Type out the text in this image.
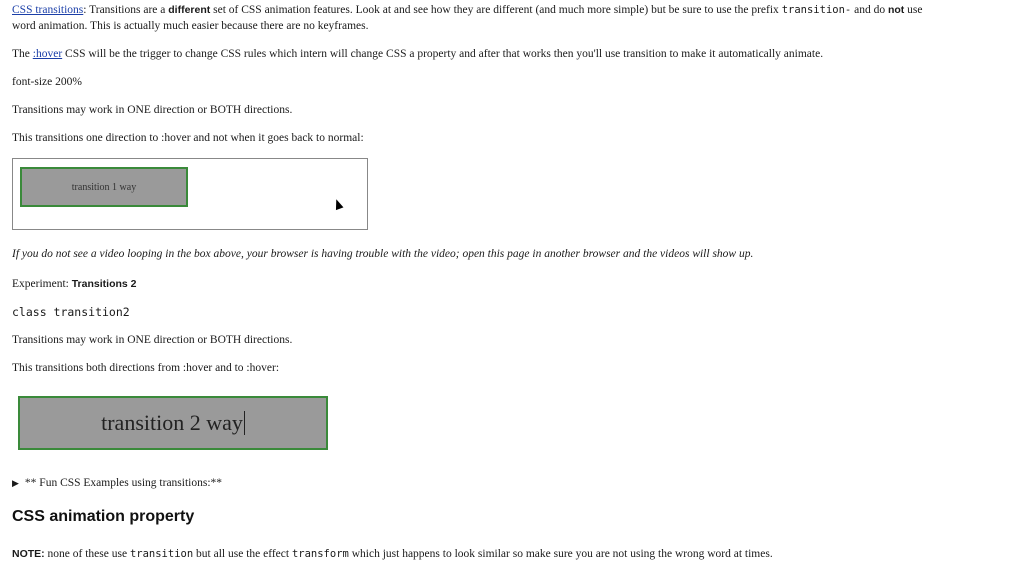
CSS transitions: Transitions are a different set of CSS animation features. Look at and see how they are different (and much more simple) but be sure to use the prefix transition- and do not use
word animation. This is actually much easier because there are no keyframes.
The :hover CSS will be the trigger to change CSS rules which intern will change CSS a property and after that works then you'll use transition to make it automatically animate.
font-size 200%
Transitions may work in ONE direction or BOTH directions.
This transitions one direction to :hover and not when it goes back to normal:
transition 1 way
If you do not see a video looping in the box above, your browser is having trouble with the video; open this page in another browser and the videos will show up.
Experiment: Transitions 2
class transition2
Transitions may work in ONE direction or BOTH directions.
This transitions both directions from :hover and to :hover:
transition 2 way
▶ ** Fun CSS Examples using transitions:**
CSS animation property
NOTE: none of these use transition but all use the effect transform which just happens to look similar so make sure you are not using the wrong word at times.
